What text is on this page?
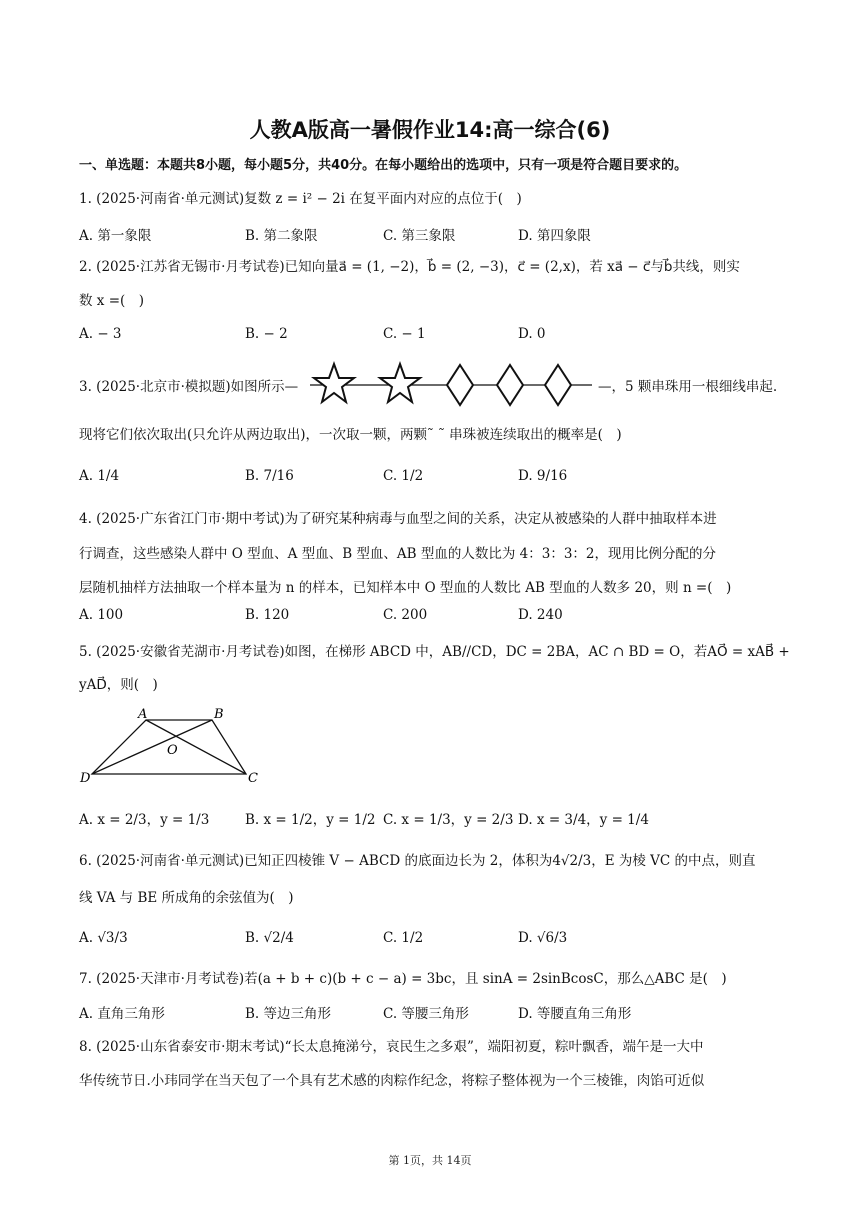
人教A版高一暑假作业14:高一综合(6)
一、单选题：本题共8小题，每小题5分，共40分。在每小题给出的选项中，只有一项是符合题目要求的。
1. (2025·河南省·单元测试)复数 z = i² − 2i 在复平面内对应的点位于(　)
A. 第一象限	B. 第二象限	C. 第三象限	D. 第四象限
2. (2025·江苏省无锡市·月考试卷)已知向量a⃗ = (1, −2)，b⃗ = (2, −3)，c⃗ = (2,x)，若 xa⃗ − c⃗与b⃗共线，则实
数 x =(　)
A. − 3	B. − 2	C. − 1	D. 0
3. (2025·北京市·模拟题)如图所示—	—，5 颗串珠用一根细线串起.
现将它们依次取出(只允许从两边取出)，一次取一颗，两颗˜ ˜ 串珠被连续取出的概率是(　)
A. 1/4	B. 7/16	C. 1/2	D. 9/16
4. (2025·广东省江门市·期中考试)为了研究某种病毒与血型之间的关系，决定从被感染的人群中抽取样本进
行调查，这些感染人群中 O 型血、A 型血、B 型血、AB 型血的人数比为 4：3：3：2，现用比例分配的分
层随机抽样方法抽取一个样本量为 n 的样本，已知样本中 O 型血的人数比 AB 型血的人数多 20，则 n =(　)
A. 100	B. 120	C. 200	D. 240
5. (2025·安徽省芜湖市·月考试卷)如图，在梯形 ABCD 中，AB//CD，DC = 2BA，AC ∩ BD = O，若AO⃗ = xAB⃗ +
yAD⃗，则(　)
A	B
C
D
O
A. x = 2/3，y = 1/3	B. x = 1/2，y = 1/2 C. x = 1/3，y = 2/3 D. x = 3/4，y = 1/4
6. (2025·河南省·单元测试)已知正四棱锥 V − ABCD 的底面边长为 2，体积为4√2/3，E 为棱 VC 的中点，则直
线 VA 与 BE 所成角的余弦值为(　)
A. √3/3	B. √2/4	C. 1/2	D. √6/3
7. (2025·天津市·月考试卷)若(a + b + c)(b + c − a) = 3bc，且 sinA = 2sinBcosC，那么△ABC 是(　)
A. 直角三角形	B. 等边三角形	C. 等腰三角形	D. 等腰直角三角形
8. (2025·山东省泰安市·期末考试)“长太息掩涕兮，哀民生之多艰”，端阳初夏，粽叶飘香，端午是一大中
华传统节日.小玮同学在当天包了一个具有艺术感的肉粽作纪念，将粽子整体视为一个三棱锥，肉馅可近似
第 1页，共 14页
